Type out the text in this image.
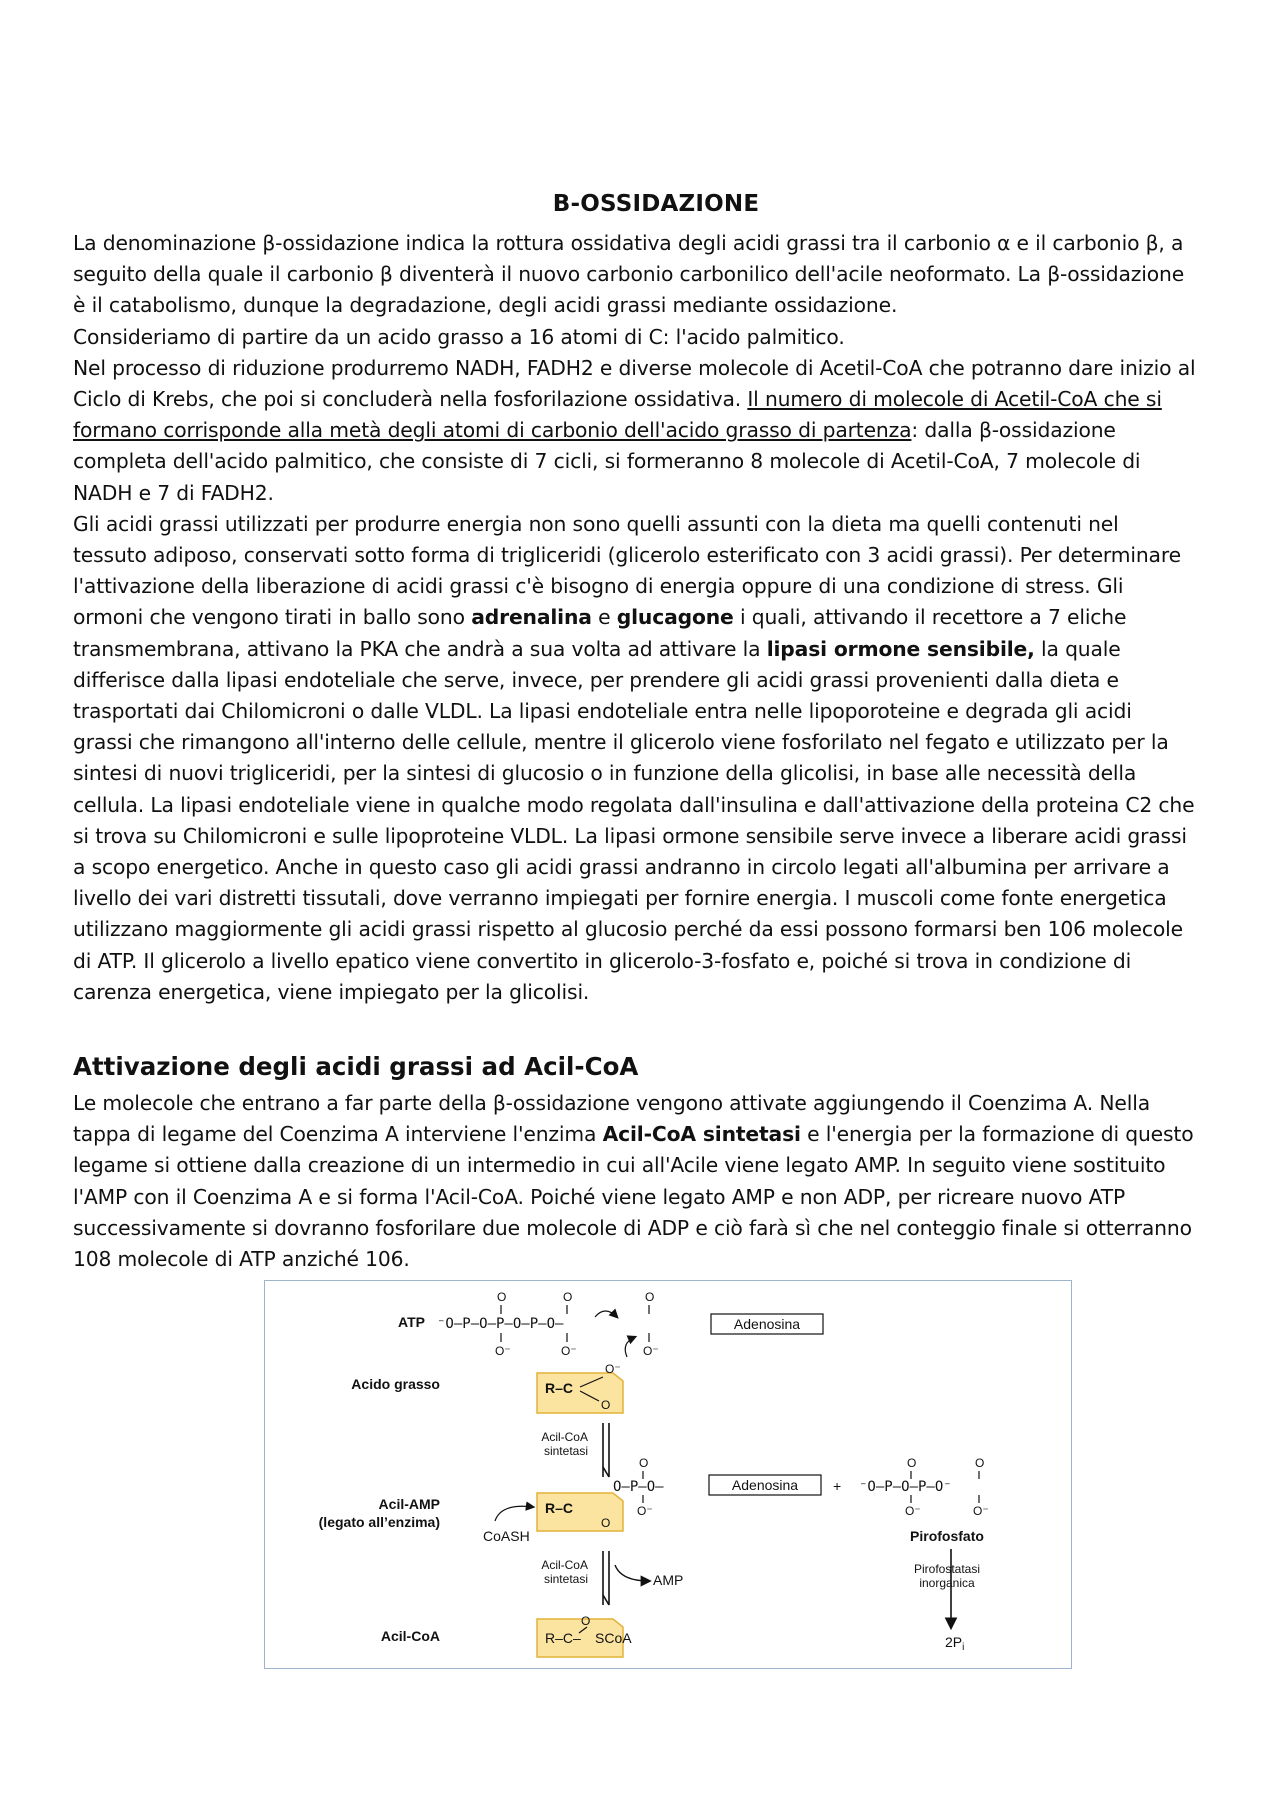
B-OSSIDAZIONE

La denominazione β-ossidazione indica la rottura ossidativa degli acidi grassi tra il carbonio α e il carbonio β, a seguito della quale il carbonio β diventerà il nuovo carbonio carbonilico dell'acile neoformato. La β-ossidazione è il catabolismo, dunque la degradazione, degli acidi grassi mediante ossidazione.

Consideriamo di partire da un acido grasso a 16 atomi di C: l'acido palmitico.

Nel processo di riduzione produrremo NADH, FADH2 e diverse molecole di Acetil-CoA che potranno dare inizio al Ciclo di Krebs, che poi si concluderà nella fosforilazione ossidativa. Il numero di molecole di Acetil-CoA che si formano corrisponde alla metà degli atomi di carbonio dell'acido grasso di partenza: dalla β-ossidazione completa dell'acido palmitico, che consiste di 7 cicli, si formeranno 8 molecole di Acetil-CoA, 7 molecole di NADH e 7 di FADH2.

Gli acidi grassi utilizzati per produrre energia non sono quelli assunti con la dieta ma quelli contenuti nel tessuto adiposo, conservati sotto forma di trigliceridi (glicerolo esterificato con 3 acidi grassi). Per determinare l'attivazione della liberazione di acidi grassi c'è bisogno di energia oppure di una condizione di stress. Gli ormoni che vengono tirati in ballo sono adrenalina e glucagone i quali, attivando il recettore a 7 eliche transmembrana, attivano la PKA che andrà a sua volta ad attivare la lipasi ormone sensibile, la quale differisce dalla lipasi endoteliale che serve, invece, per prendere gli acidi grassi provenienti dalla dieta e trasportati dai Chilomicroni o dalle VLDL. La lipasi endoteliale entra nelle lipoporoteine e degrada gli acidi grassi che rimangono all'interno delle cellule, mentre il glicerolo viene fosforilato nel fegato e utilizzato per la sintesi di nuovi trigliceridi, per la sintesi di glucosio o in funzione della glicolisi, in base alle necessità della cellula. La lipasi endoteliale viene in qualche modo regolata dall'insulina e dall'attivazione della proteina C2 che si trova su Chilomicroni e sulle lipoproteine VLDL. La lipasi ormone sensibile serve invece a liberare acidi grassi a scopo energetico. Anche in questo caso gli acidi grassi andranno in circolo legati all'albumina per arrivare a livello dei vari distretti tissutali, dove verranno impiegati per fornire energia. I muscoli come fonte energetica utilizzano maggiormente gli acidi grassi rispetto al glucosio perché da essi possono formarsi ben 106 molecole di ATP. Il glicerolo a livello epatico viene convertito in glicerolo-3-fosfato e, poiché si trova in condizione di carenza energetica, viene impiegato per la glicolisi.

Attivazione degli acidi grassi ad Acil-CoA

Le molecole che entrano a far parte della β-ossidazione vengono attivate aggiungendo il Coenzima A. Nella tappa di legame del Coenzima A interviene l'enzima Acil-CoA sintetasi e l'energia per la formazione di questo legame si ottiene dalla creazione di un intermedio in cui all'Acile viene legato AMP. In seguito viene sostituito l'AMP con il Coenzima A e si forma l'Acil-CoA. Poiché viene legato AMP e non ADP, per ricreare nuovo ATP successivamente si dovranno fosforilare due molecole di ADP e ciò farà sì che nel conteggio finale si otterranno 108 molecole di ATP anziché 106.

ATP
Acido grasso
Acil-AMP
(legato all’enzima)
Acil-CoA
⁻O–P–O–P–O–P–O–
O	O	O
O⁻	O⁻	O⁻
Adenosina
R–C
O⁻
O
Acil-CoA
sintetasi
R–C
O–P–O–
O
O⁻
O
Adenosina
CoASH
+ ⁻O–P–O–P–O⁻
O	O
O⁻	O⁻
Pirofosfato
Acil-CoA
sintetasi	AMP
Pirofostatasi
inorganica
$2P_i$
R–C– SCoA
O
